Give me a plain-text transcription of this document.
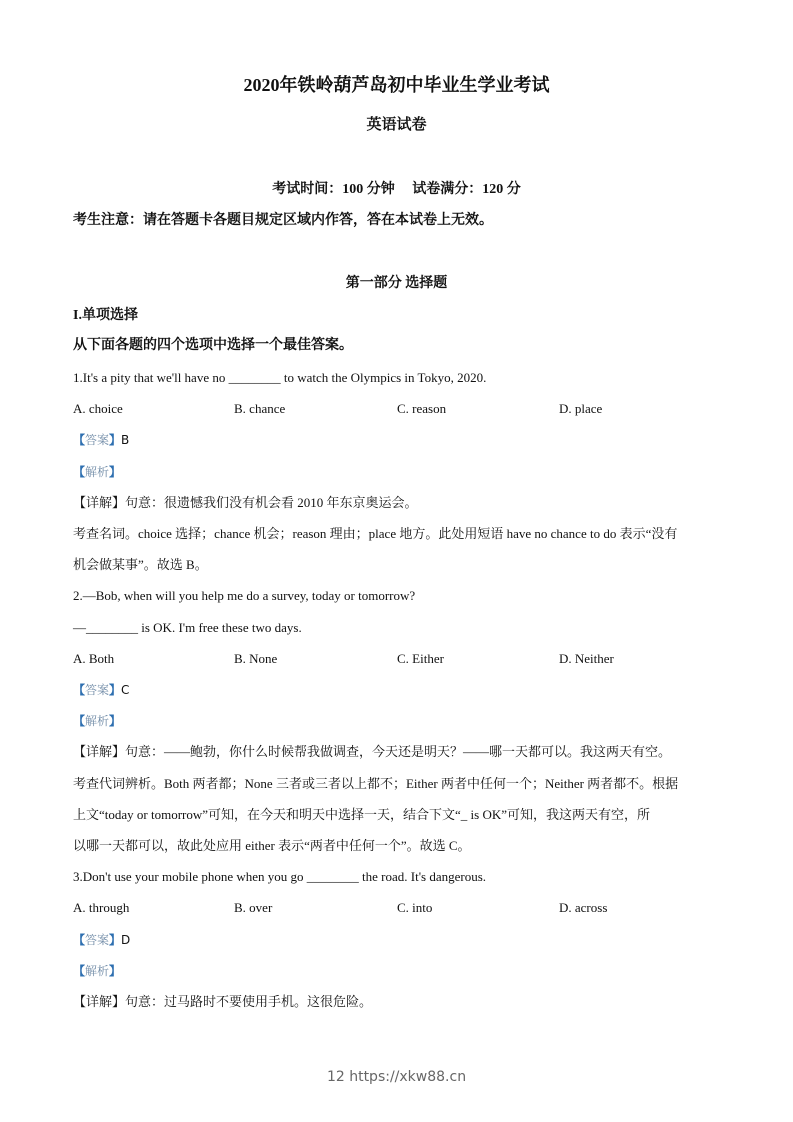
2020年铁岭葫芦岛初中毕业生学业考试
英语试卷
考试时间：100 分钟　 试卷满分：120 分
考生注意：请在答题卡各题目规定区域内作答，答在本试卷上无效。
第一部分 选择题
I.单项选择
从下面各题的四个选项中选择一个最佳答案。
1.It's a pity that we'll have no ________ to watch the Olympics in Tokyo, 2020.
A. choice	B. chance	C. reason	D. place
【答案】B
【解析】
【详解】句意：很遗憾我们没有机会看 2010 年东京奥运会。
考查名词。choice 选择；chance 机会；reason 理由；place 地方。此处用短语 have no chance to do 表示“没有
机会做某事”。故选 B。
2.—Bob, when will you help me do a survey, today or tomorrow?
—________ is OK. I'm free these two days.
A. Both	B. None	C. Either	D. Neither
【答案】C
【解析】
【详解】句意：——鲍勃，你什么时候帮我做调查，今天还是明天？——哪一天都可以。我这两天有空。
考查代词辨析。Both 两者都；None 三者或三者以上都不；Either 两者中任何一个；Neither 两者都不。根据
上文“today or tomorrow”可知，在今天和明天中选择一天，结合下文“_ is OK”可知，我这两天有空，所
以哪一天都可以，故此处应用 either 表示“两者中任何一个”。故选 C。
3.Don't use your mobile phone when you go ________ the road. It's dangerous.
A. through	B. over	C. into	D. across
【答案】D
【解析】
【详解】句意：过马路时不要使用手机。这很危险。
12 https://xkw88.cn
